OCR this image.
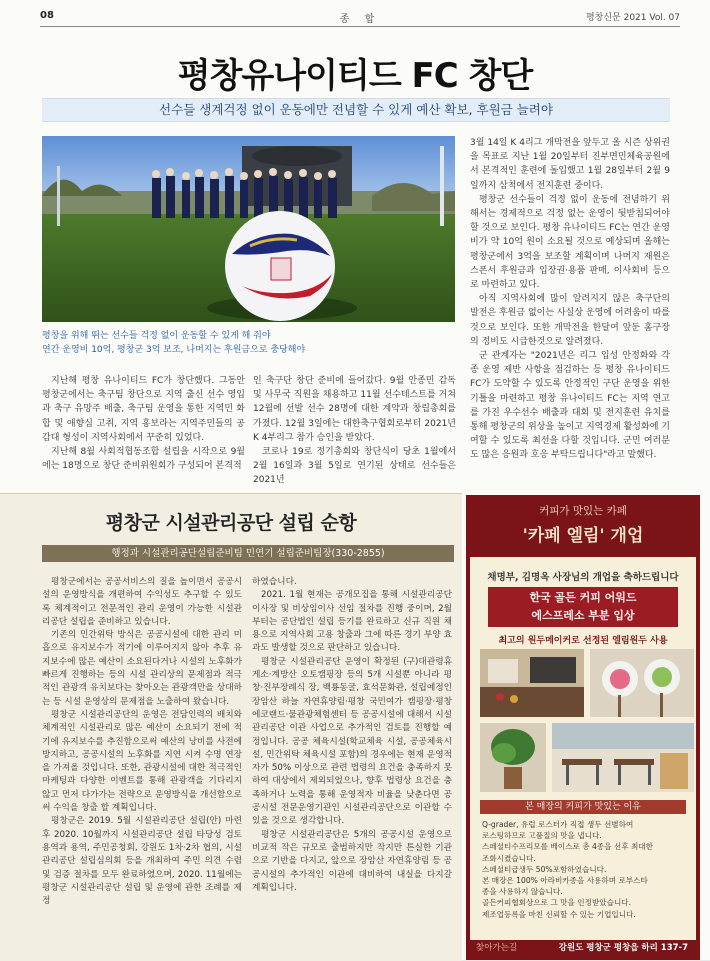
08	종 합	평창신문 2021 Vol. 07
평창유나이티드 FC 창단
선수들 생계걱정 없이 운동에만 전념할 수 있게 예산 확보, 후원금 늘려야
평창을 위해 뛰는 선수들 걱정 없이 운동할 수 있게 해 줘야
연간 운영비 10억, 평창군 3억 보조, 나머지는 후원금으로 충당해야

지난해 평창 유나이티드 FC가 창단했다. 그동안 평창군에서는 축구팀 창단으로 지역 출신 선수 영입과 축구 유망주 배출, 축구팀 운영을 통한 지역민 화합 및 애향심 고취, 지역 홍보라는 지역주민들의 공감대 형성이 지역사회에서 꾸준히 있었다.

지난해 8월 사회적협동조합 설립을 시작으로 9월에는 18명으로 창단 준비위원회가 구성되어 본격적

인 축구단 창단 준비에 들어갔다. 9월 안종민 감독 및 사무국 직원을 채용하고 11월 선수테스트를 거쳐 12월에 선발 선수 28명에 대한 계약과 창립총회를 가졌다. 12월 3일에는 대한축구협회로부터 2021년 K 4부리그 참가 승인을 받았다.

코로나 19로 정기총회와 창단식이 당초 1월에서 2월 16일과 3월 5일로 연기된 상태로 선수들은 2021년

3월 14일 K 4리그 개막전을 앞두고 올 시즌 상위권을 목표로 지난 1월 20일부터 진부면민체육공원에서 본격적인 훈련에 돌입했고 1월 28일부터 2월 9일까지 삼척에서 전지훈련 중이다.

평창군 선수들이 걱정 없이 운동에 전념하기 위해서는 경제적으로 걱정 없는 운영이 뒷받침되어야 할 것으로 보인다. 평창 유나이티드 FC는 연간 운영비가 약 10억 원이 소요될 것으로 예상되며 올해는 평창군에서 3억을 보조할 계획이며 나머지 재원은 스폰서 후원금과 입장권·용품 판매, 이사회비 등으로 마련하고 있다.

아직 지역사회에 많이 알려지지 않은 축구단의 발전은 후원금 없이는 사실상 운영에 어려움이 따를 것으로 보인다. 또한 개막전을 한달여 앞둔 홈구장의 정비도 시급한것으로 알려졌다.

군 관계자는 "2021년은 리그 입성 안정화와 각종 운영 제반 사항을 점검하는 등 평창 유나이티드 FC가 도약할 수 있도록 안정적인 구단 운영을 위한 기틀을 마련하고 평창 유나이티드 FC는 지역 연고를 가진 우수선수 배출과 대회 및 전지훈련 유치를 통해 평창군의 위상을 높이고 지역경제 활성화에 기여할 수 있도록 최선을 다할 것입니다. 군민 여러분도 많은 응원과 호응 부탁드립니다"라고 말했다.

평창군 시설관리공단 설립 순항
행정과 시설관리공단설립준비팀 민연기 설립준비팀장(330-2855)

평창군에서는 공공서비스의 질을 높이면서 공공시설의 운영방식을 개편하여 수익성도 추구할 수 있도록 체계적이고 전문적인 관리 운영이 가능한 시설관리공단 설립을 준비하고 있습니다.

기존의 민간위탁 방식은 공공시설에 대한 관리 미흡으로 유지보수가 적기에 이루어지지 않아 추후 유지보수에 많은 예산이 소요된다거나 시설의 노후화가 빠르게 진행하는 등의 시설 관리상의 문제점과 적극적인 관광객 유치보다는 찾아오는 관광객만을 상대하는 등 시설 운영상의 문제점을 노출하여 왔습니다.

평창군 시설관리공단의 운영은 전담인력의 배치와 체계적인 시설관리로 많은 예산이 소요되기 전에 적기에 유지보수를 추진함으로써 예산의 낭비를 사전에 방지하고, 공공시설의 노후화를 지연 시켜 수명 연장을 가져올 것입니다. 또한, 관광시설에 대한 적극적인 마케팅과 다양한 이벤트를 통해 관광객을 기다리지 않고 먼저 다가가는 전략으로 운영방식을 개선함으로써 수익을 창출 할 계획입니다.

평창군은 2019. 5월 시설관리공단 설립(안) 마련 후 2020. 10월까지 시설관리공단 설립 타당성 검토 용역과 용역, 주민공청회, 강원도 1차·2차 협의, 시설관리공단 설립심의회 등을 개최하여 주민 의견 수렴 및 검증 절차를 모두 완료하였으며, 2020. 11월에는 평창군 시설관리공단 설립 및 운영에 관한 조례를 제정

하였습니다.

2021. 1월 현재는 공개모집을 통해 시설관리공단 이사장 및 비상임이사 선임 절차를 진행 중이며, 2월부터는 공단법인 설립 등기를 완료하고 신규 직원 채용으로 지역사회 고용 창출과 그에 따른 경기 부양 효과도 발생할 것으로 판단하고 있습니다.

평창군 시설관리공단 운영이 확정된 (구)대관령휴게소·계방산 오토캠핑장 등의 5개 시설뿐 아니라 평창·진부장례식 장, 백룡동굴, 효석문화관, 설립예정인 장암산 하늘 자연휴양림·평창 국민여가 캠핑장·평창 에코랜드·물관광체험센터 등 공공시설에 대해서 시설관리공단 이관 사업으로 추가적인 검토를 진행할 예정입니다. 공공 체육시설(학교체육 시설, 공공체육시설, 민간위탁 체육시설 포함)의 경우에는 현재 운영적자가 50% 이상으로 관련 법령의 요건을 충족하지 못하여 대상에서 제외되었으나, 향후 법령상 요건을 충족하거나 노력을 통해 운영적자 비율을 낮춘다면 공공시설 전문운영기관인 시설관리공단으로 이관할 수 있을 것으로 생각합니다.

평창군 시설관리공단은 5개의 공공시설 운영으로 비교적 작은 규모로 출범하지만 작지만 튼실한 기관으로 기반을 다지고, 앞으로 장암산 자연휴양림 등 공공시설의 추가적인 이관에 대비하여 내실을 다지갈 계획입니다.

커피가 맛있는 카페
'카페 엘림' 개업
채명부, 김명옥 사장님의 개업을 축하드립니다
한국 골든 커피 어워드
에스프레소 부분 입상
최고의 원두메이커로 선정된 엘림원두 사용
본 매장의 커피가 맛있는 이유
Q-grader, 유럽 로스터가 직접 생두 선별하여
로스팅하므로 고품질의 맛을 냅니다.
스페셜티수프리모를 베이스로 총 4종을 선후 최대한
조화시켰습니다.
스페셜티급생두 50%포함하였습니다.
본 매장은 100% 아라비카종을 사용하며 로부스타
종을 사용하지 않습니다.
골든커피협회상으로 그 맛을 인정받았습니다.
제조업등록을 마친 신뢰할 수 있는 기업입니다.
찾아가는길	강원도 평창군 평창읍 하리 137-7
